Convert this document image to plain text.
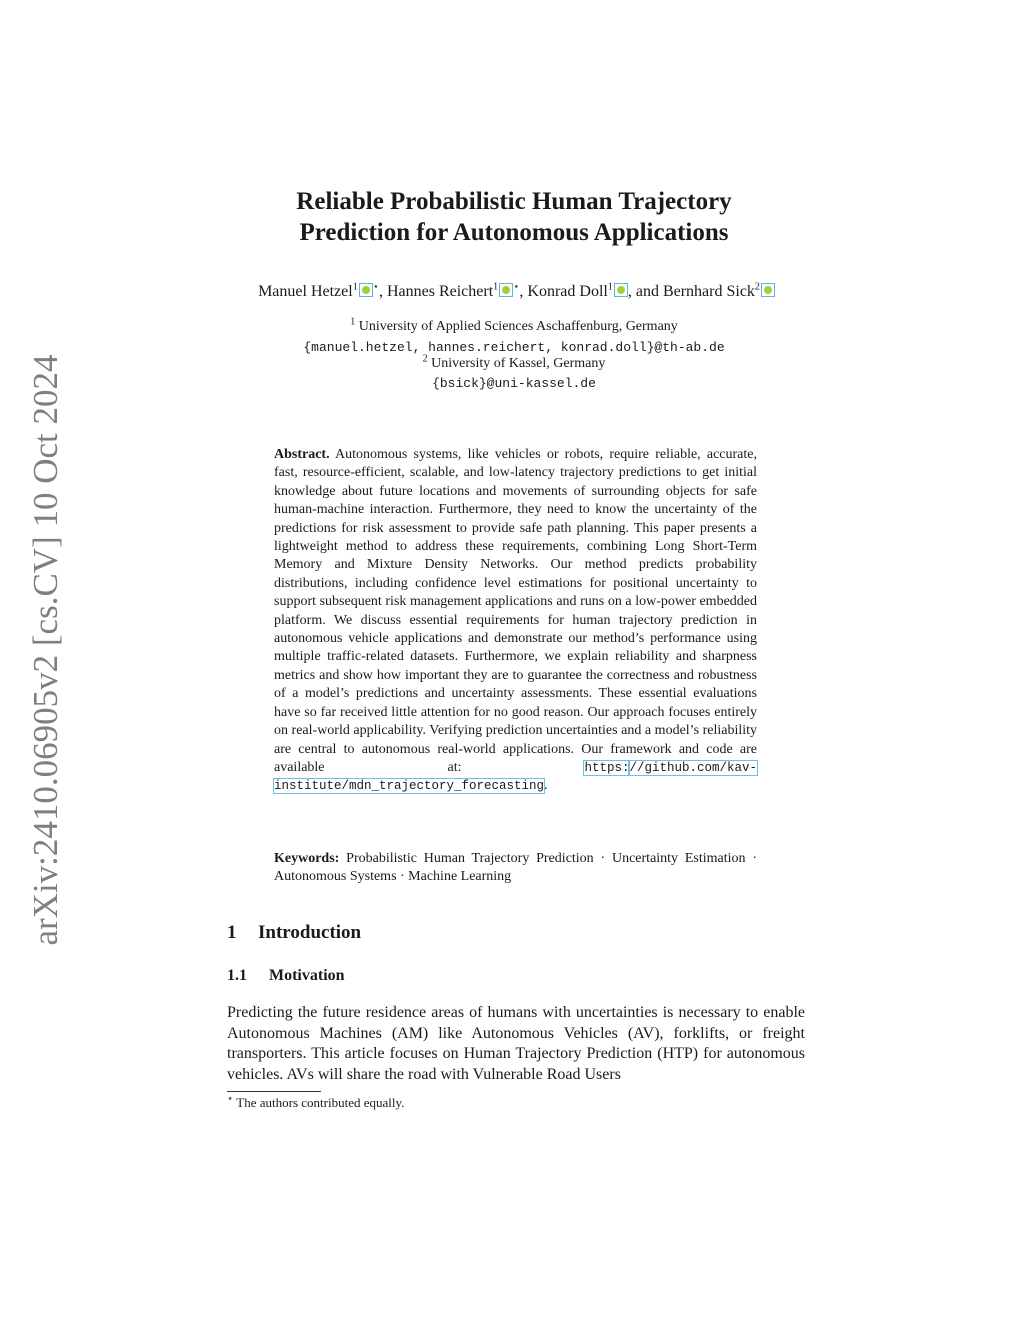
arXiv:2410.06905v2 [cs.CV] 10 Oct 2024
Reliable Probabilistic Human Trajectory
Prediction for Autonomous Applications
Manuel Hetzel$^1$ ⋆, Hannes Reichert$^1$ ⋆, Konrad Doll$^1$ , and Bernhard Sick$^2$
$^1$ University of Applied Sciences Aschaffenburg, Germany
{manuel.hetzel, hannes.reichert, konrad.doll}@th-ab.de
$^2$ University of Kassel, Germany
{bsick}@uni-kassel.de
Abstract. Autonomous systems, like vehicles or robots, require reliable, accurate, fast, resource-efficient, scalable, and low-latency trajectory predictions to get initial knowledge about future locations and movements of surrounding objects for safe human-machine interaction. Furthermore, they need to know the uncertainty of the predictions for risk assessment to provide safe path planning. This paper presents a lightweight method to address these requirements, combining Long Short-Term Memory and Mixture Density Networks. Our method predicts probability distributions, including confidence level estimations for positional uncertainty to support subsequent risk management applications and runs on a low-power embedded platform. We discuss essential requirements for human trajectory prediction in autonomous vehicle applications and demonstrate our method’s performance using multiple traffic-related datasets. Furthermore, we explain reliability and sharpness metrics and show how important they are to guarantee the correctness and robustness of a model’s predictions and uncertainty assessments. These essential evaluations have so far received little attention for no good reason. Our approach focuses entirely on real-world applicability. Verifying prediction uncertainties and a model’s reliability are central to autonomous real-world applications. Our framework and code are available at:	https://github.com/kav-institute/mdn_trajectory_forecasting.
Keywords: Probabilistic Human Trajectory Prediction · Uncertainty Estimation · Autonomous Systems · Machine Learning
1 Introduction
1.1 Motivation
Predicting the future residence areas of humans with uncertainties is necessary to enable Autonomous Machines (AM) like Autonomous Vehicles (AV), forklifts, or freight transporters. This article focuses on Human Trajectory Prediction (HTP) for autonomous vehicles. AVs will share the road with Vulnerable Road Users
⋆ The authors contributed equally.
